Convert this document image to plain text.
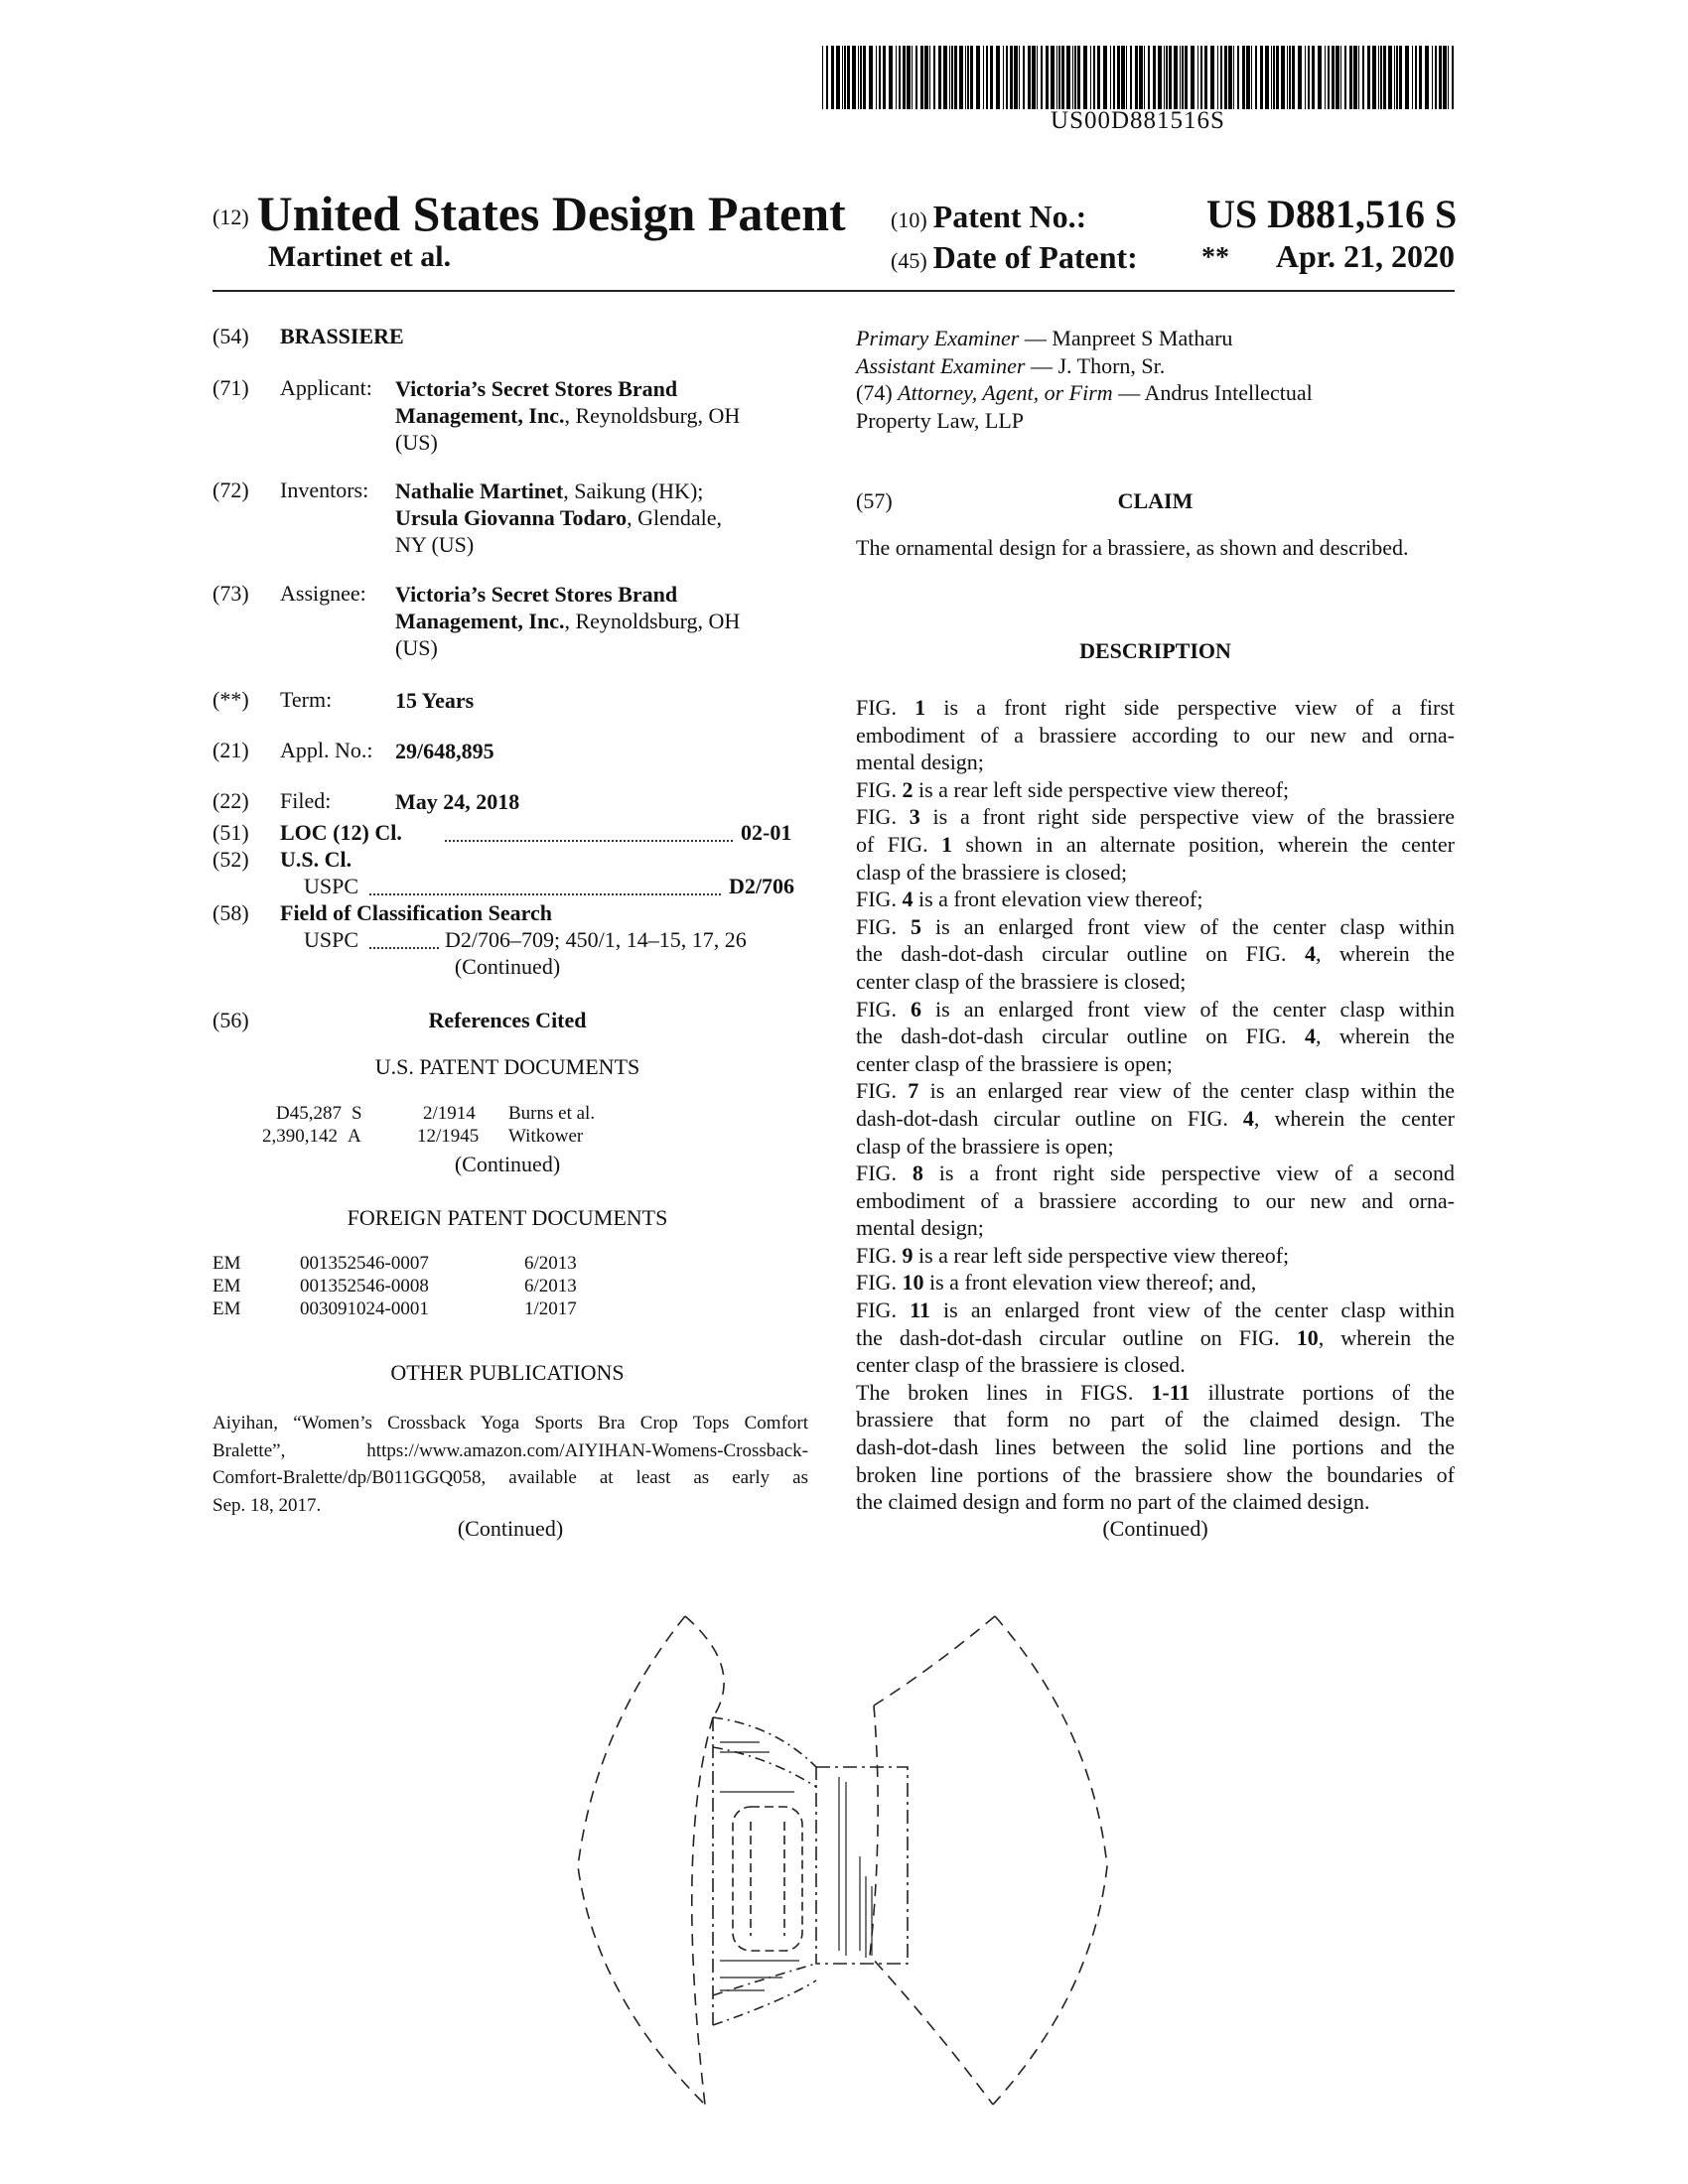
US00D881516S
(12) United States Design Patent
Martinet et al.
(10) Patent No.:	US D881,516 S
(45) Date of Patent: **	Apr. 21, 2020
(54) BRASSIERE
(71) Applicant: Victoria’s Secret Stores Brand
Management, Inc., Reynoldsburg, OH
(US)
(72) Inventors: Nathalie Martinet, Saikung (HK);
Ursula Giovanna Todaro, Glendale,
NY (US)
(73) Assignee: Victoria’s Secret Stores Brand
Management, Inc., Reynoldsburg, OH
(US)
(**) Term:	15 Years
(21) Appl. No.: 29/648,895
(22) Filed:	May 24, 2018
(51) LOC (12) Cl.	02-01
(52) U.S. Cl.
USPC	D2/706
(58) Field of Classification Search
USPC	D2/706–709; 450/1, 14–15, 17, 26
(Continued)
(56)	References Cited
U.S. PATENT DOCUMENTS
D45,287 S	2/1914 Burns et al.
2,390,142 A	12/1945 Witkower
(Continued)
FOREIGN PATENT DOCUMENTS
EM	001352546-0007	6/2013
EM	001352546-0008	6/2013
EM	003091024-0001	1/2017
OTHER PUBLICATIONS
Aiyihan, “Women’s Crossback Yoga Sports Bra Crop Tops Comfort
Bralette”, https://www.amazon.com/AIYIHAN-Womens-Crossback-
Comfort-Bralette/dp/B011GGQ058, available at least as early as
Sep. 18, 2017.
(Continued)
Primary Examiner — Manpreet S Matharu
Assistant Examiner — J. Thorn, Sr.
(74) Attorney, Agent, or Firm — Andrus Intellectual
Property Law, LLP
(57)	CLAIM
The ornamental design for a brassiere, as shown and described.
DESCRIPTION
FIG. 1 is a front right side perspective view of a first
embodiment of a brassiere according to our new and orna-
mental design;
FIG. 2 is a rear left side perspective view thereof;
FIG. 3 is a front right side perspective view of the brassiere
of FIG. 1 shown in an alternate position, wherein the center
clasp of the brassiere is closed;
FIG. 4 is a front elevation view thereof;
FIG. 5 is an enlarged front view of the center clasp within
the dash-dot-dash circular outline on FIG. 4, wherein the
center clasp of the brassiere is closed;
FIG. 6 is an enlarged front view of the center clasp within
the dash-dot-dash circular outline on FIG. 4, wherein the
center clasp of the brassiere is open;
FIG. 7 is an enlarged rear view of the center clasp within the
dash-dot-dash circular outline on FIG. 4, wherein the center
clasp of the brassiere is open;
FIG. 8 is a front right side perspective view of a second
embodiment of a brassiere according to our new and orna-
mental design;
FIG. 9 is a rear left side perspective view thereof;
FIG. 10 is a front elevation view thereof; and,
FIG. 11 is an enlarged front view of the center clasp within
the dash-dot-dash circular outline on FIG. 10, wherein the
center clasp of the brassiere is closed.
The broken lines in FIGS. 1-11 illustrate portions of the
brassiere that form no part of the claimed design. The
dash-dot-dash lines between the solid line portions and the
broken line portions of the brassiere show the boundaries of
the claimed design and form no part of the claimed design.
(Continued)
